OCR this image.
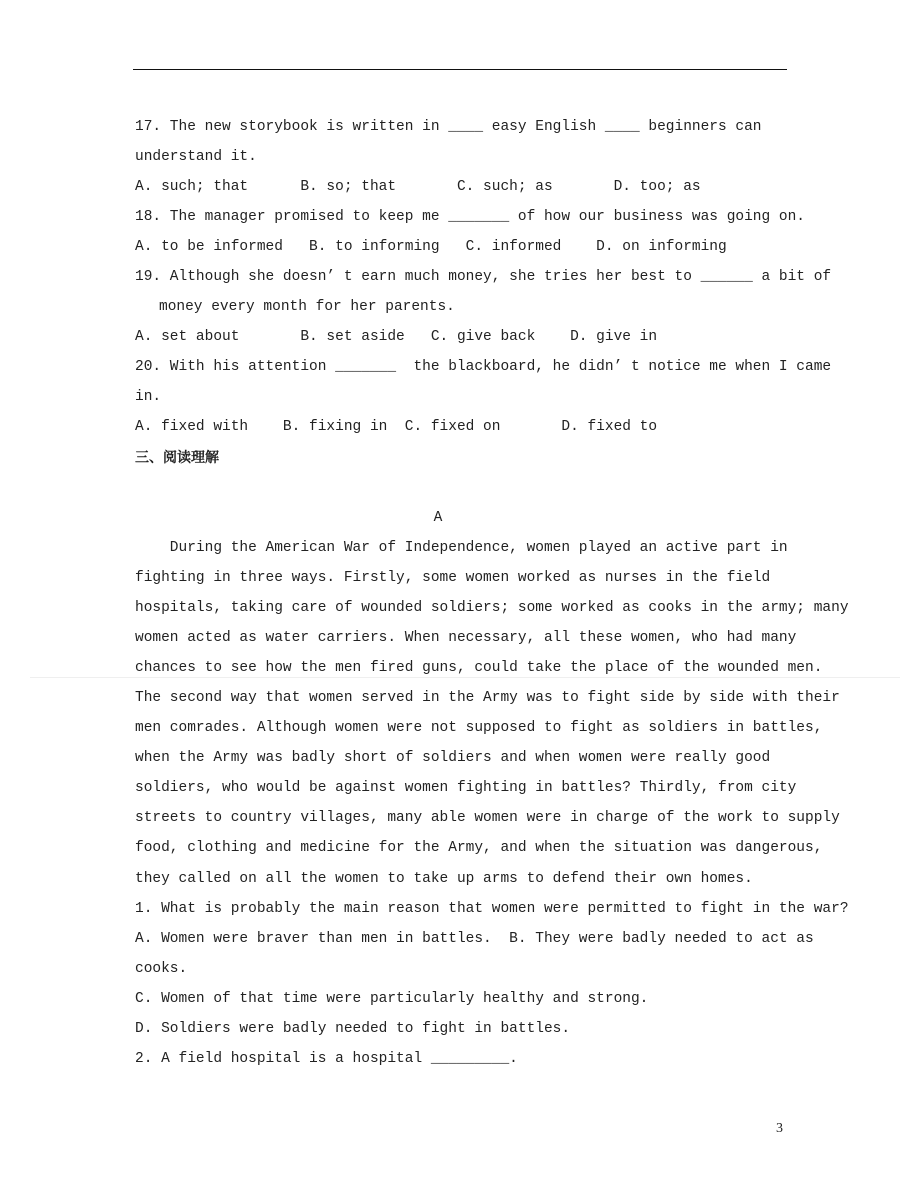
17. The new storybook is written in ____ easy English ____ beginners can
understand it.
A. such; that      B. so; that       C. such; as       D. too; as
18. The manager promised to keep me _______ of how our business was going on.
A. to be informed   B. to informing   C. informed    D. on informing
19. Although she doesn’ t earn much money, she tries her best to ______ a bit of
money every month for her parents.
A. set about       B. set aside   C. give back    D. give in
20. With his attention _______  the blackboard, he didn’ t notice me when I came
in.
A. fixed with    B. fixing in  C. fixed on       D. fixed to
三、阅读理解
A
During the American War of Independence, women played an active part in
fighting in three ways. Firstly, some women worked as nurses in the field
hospitals, taking care of wounded soldiers; some worked as cooks in the army; many
women acted as water carriers. When necessary, all these women, who had many
chances to see how the men fired guns, could take the place of the wounded men.
The second way that women served in the Army was to fight side by side with their
men comrades. Although women were not supposed to fight as soldiers in battles,
when the Army was badly short of soldiers and when women were really good
soldiers, who would be against women fighting in battles? Thirdly, from city
streets to country villages, many able women were in charge of the work to supply
food, clothing and medicine for the Army, and when the situation was dangerous,
they called on all the women to take up arms to defend their own homes.
1. What is probably the main reason that women were permitted to fight in the war?
A. Women were braver than men in battles.  B. They were badly needed to act as
cooks.
C. Women of that time were particularly healthy and strong.
D. Soldiers were badly needed to fight in battles.
2. A field hospital is a hospital _________.
3
